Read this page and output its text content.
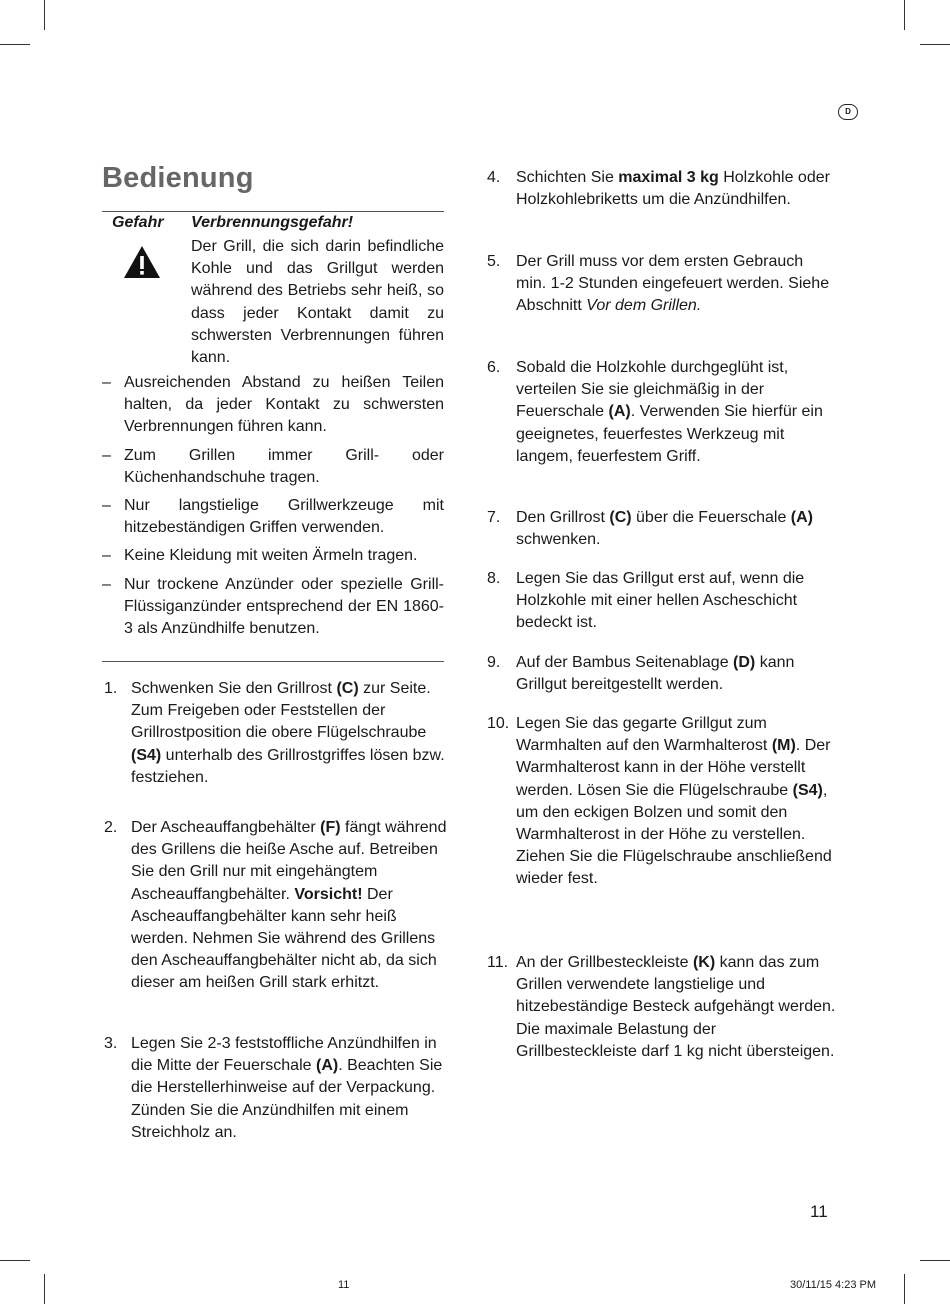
D
Bedienung
Gefahr Verbrennungsgefahr!

Der Grill, die sich darin befindliche Kohle und das Grillgut werden während des Betriebs sehr heiß, so dass jeder Kontakt damit zu schwersten Verbrennungen führen kann.

– Ausreichenden Abstand zu heißen Teilen halten, da jeder Kontakt zu schwersten Verbrennungen führen kann.
– Zum Grillen immer Grill- oder Küchenhandschuhe tragen.
– Nur langstielige Grillwerkzeuge mit hitzebeständigen Griffen verwenden.
– Keine Kleidung mit weiten Ärmeln tragen.
– Nur trockene Anzünder oder spezielle Grill-Flüssiganzünder entsprechend der EN 1860-3 als Anzündhilfe benutzen.
1. Schwenken Sie den Grillrost (C) zur Seite. Zum Freigeben oder Feststellen der Grillrostposition die obere Flügelschraube (S4) unterhalb des Grillrostgriffes lösen bzw. festziehen.
2. Der Ascheauffangbehälter (F) fängt während des Grillens die heiße Asche auf. Betreiben Sie den Grill nur mit eingehängtem Ascheauffangbehälter. Vorsicht! Der Ascheauffangbehälter kann sehr heiß werden. Nehmen Sie während des Grillens den Ascheauffangbehälter nicht ab, da sich dieser am heißen Grill stark erhitzt.
3. Legen Sie 2-3 feststoffliche Anzündhilfen in die Mitte der Feuerschale (A). Beachten Sie die Herstellerhinweise auf der Verpackung. Zünden Sie die Anzündhilfen mit einem Streichholz an.
4. Schichten Sie maximal 3 kg Holzkohle oder Holzkohlebriketts um die Anzündhilfen.
5. Der Grill muss vor dem ersten Gebrauch min. 1-2 Stunden eingefeuert werden. Siehe Abschnitt Vor dem Grillen.
6. Sobald die Holzkohle durchgeglüht ist, verteilen Sie sie gleichmäßig in der Feuerschale (A). Verwenden Sie hierfür ein geeignetes, feuerfestes Werkzeug mit langem, feuerfestem Griff.
7. Den Grillrost (C) über die Feuerschale (A) schwenken.
8. Legen Sie das Grillgut erst auf, wenn die Holzkohle mit einer hellen Ascheschicht bedeckt ist.
9. Auf der Bambus Seitenablage (D) kann Grillgut bereitgestellt werden.
10. Legen Sie das gegarte Grillgut zum Warmhalten auf den Warmhalterost (M). Der Warmhalterost kann in der Höhe verstellt werden. Lösen Sie die Flügelschraube (S4), um den eckigen Bolzen und somit den Warmhalterost in der Höhe zu verstellen. Ziehen Sie die Flügelschraube anschließend wieder fest.
11. An der Grillbesteckleiste (K) kann das zum Grillen verwendete langstielige und hitzebeständige Besteck aufgehängt werden. Die maximale Belastung der Grillbesteckleiste darf 1 kg nicht übersteigen.
11
11	30/11/15 4:23 PM
